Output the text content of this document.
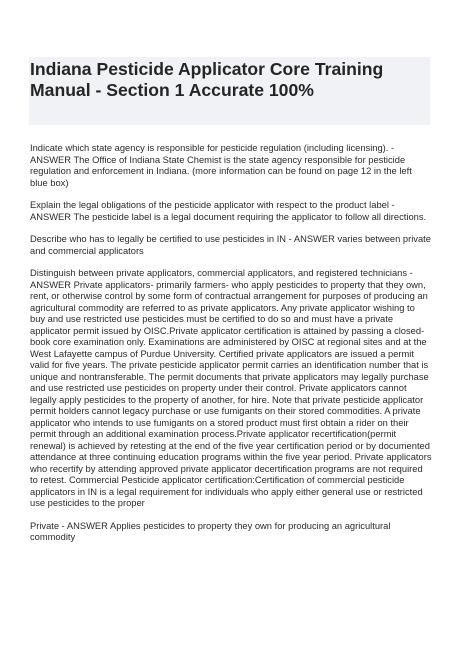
Indiana Pesticide Applicator Core Training Manual - Section 1 Accurate 100%

Indicate which state agency is responsible for pesticide regulation (including licensing). - ANSWER The Office of Indiana State Chemist is the state agency responsible for pesticide regulation and enforcement in Indiana. (more information can be found on page 12 in the left blue box)

Explain the legal obligations of the pesticide applicator with respect to the product label - ANSWER The pesticide label is a legal document requiring the applicator to follow all directions.

Describe who has to legally be certified to use pesticides in IN - ANSWER varies between private and commercial applicators

Distinguish between private applicators, commercial applicators, and registered technicians - ANSWER Private applicators- primarily farmers- who apply pesticides to property that they own, rent, or otherwise control by some form of contractual arrangement for purposes of producing an agricultural commodity are referred to as private applicators. Any private applicator wishing to buy and use restricted use pesticides must be certified to do so and must have a private applicator permit issued by OISC.Private applicator certification is attained by passing a closed-book core examination only. Examinations are administered by OISC at regional sites and at the West Lafayette campus of Purdue University. Certified private applicators are issued a permit valid for five years. The private pesticide applicator permit carries an identification number that is unique and nontransferable. The permit documents that private applicators may legally purchase and use restricted use pesticides on property under their control. Private applicators cannot legally apply pesticides to the property of another, for hire. Note that private pesticide applicator permit holders cannot legacy purchase or use fumigants on their stored commodities. A private applicator who intends to use fumigants on a stored product must first obtain a rider on their permit through an additional examination process.Private applicator recertification(permit renewal) is achieved by retesting at the end of the five year certification period or by documented attendance at three continuing education programs within the five year period. Private applicators who recertify by attending approved private applicator decertification programs are not required to retest. Commercial Pesticide applicator certification:Certification of commercial pesticide applicators in IN is a legal requirement for individuals who apply either general use or restricted use pesticides to the proper

Private - ANSWER Applies pesticides to property they own for producing an agricultural commodity
